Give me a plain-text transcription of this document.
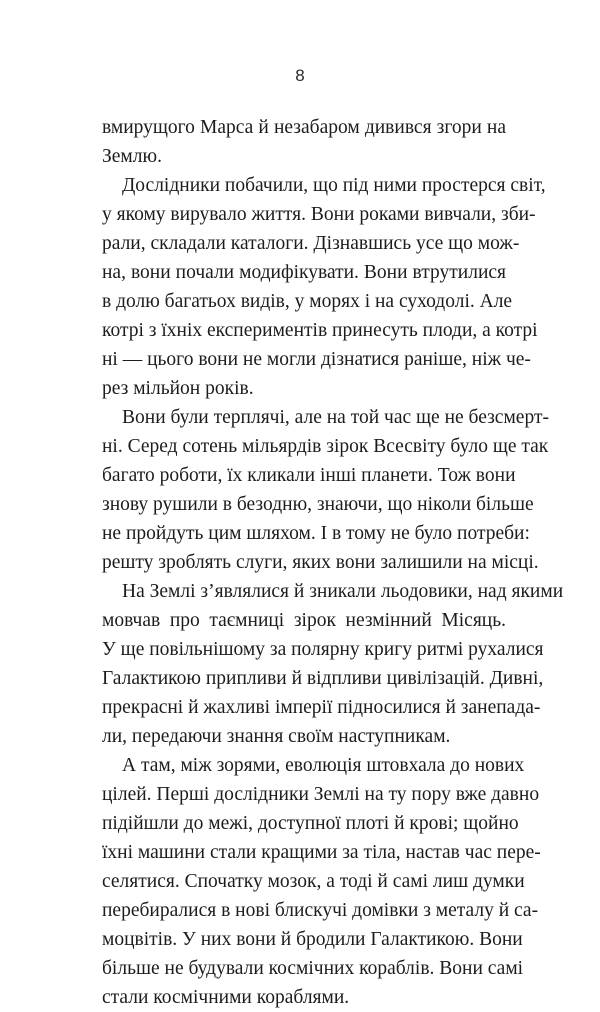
8
вмирущого Марса й незабаром дивився згори на
Землю.
Дослідники побачили, що під ними простерся світ,
у якому вирувало життя. Вони роками вивчали, зби-
рали, складали каталоги. Дізнавшись усе що мож-
на, вони почали модифікувати. Вони втрутилися
в долю багатьох видів, у морях і на суходолі. Але
котрі з їхніх експериментів принесуть плоди, а котрі
ні — цього вони не могли дізнатися раніше, ніж че-
рез мільйон років.
Вони були терплячі, але на той час ще не безсмерт-
ні. Серед сотень мільярдів зірок Всесвіту було ще так
багато роботи, їх кликали інші планети. Тож вони
знову рушили в безодню, знаючи, що ніколи більше
не пройдуть цим шляхом. І в тому не було потреби:
решту зроблять слуги, яких вони залишили на місці.
На Землі з’являлися й зникали льодовики, над якими
мовчав про таємниці зірок незмінний Місяць.
У ще повільнішому за полярну кригу ритмі рухалися
Галактикою припливи й відпливи цивілізацій. Дивні,
прекрасні й жахливі імперії підносилися й занепада-
ли, передаючи знання своїм наступникам.
А там, між зорями, еволюція штовхала до нових
цілей. Перші дослідники Землі на ту пору вже давно
підійшли до межі, доступної плоті й крові; щойно
їхні машини стали кращими за тіла, настав час пере-
селятися. Спочатку мозок, а тоді й самі лиш думки
перебиралися в нові блискучі домівки з металу й са-
моцвітів. У них вони й бродили Галактикою. Вони
більше не будували космічних кораблів. Вони самі
стали космічними кораблями.
